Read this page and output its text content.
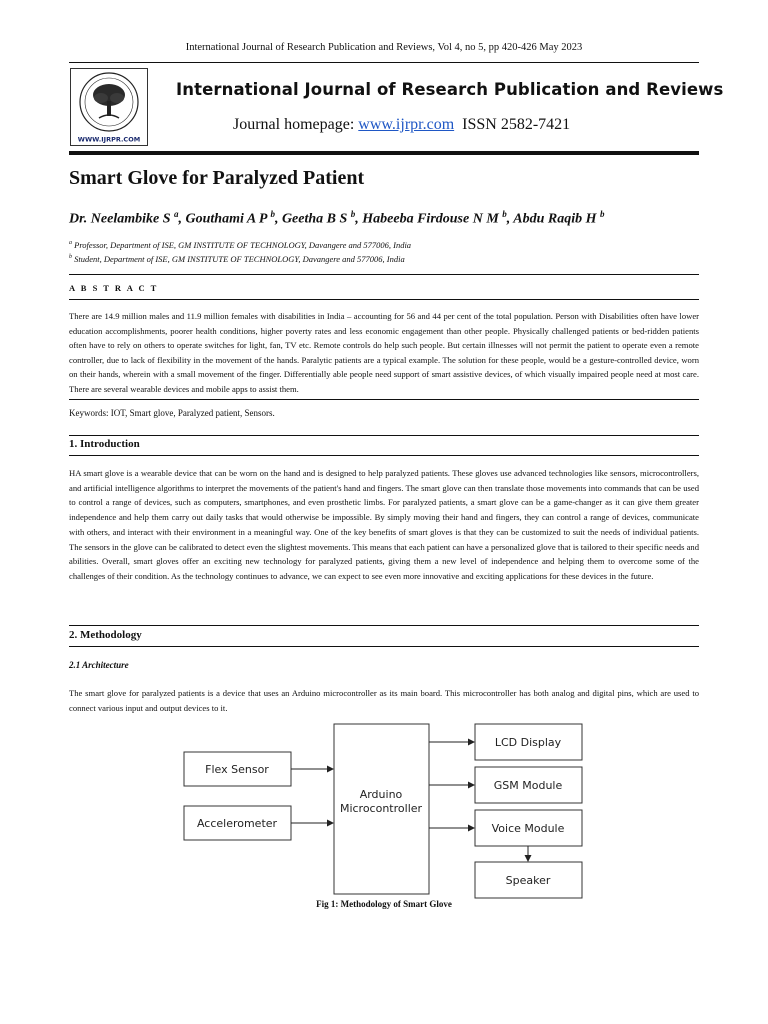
International Journal of Research Publication and Reviews, Vol 4, no 5, pp 420-426 May 2023
WWW.IJRPR.COM
International Journal of Research Publication and Reviews
Journal homepage: www.ijrpr.com ISSN 2582-7421
Smart Glove for Paralyzed Patient
Dr. Neelambike S $^a$, Gouthami A P $^b$, Geetha B S $^b$, Habeeba Firdouse N M $^b$, Abdu Raqib H $^b$
$^a$ Professor, Department of ISE, GM INSTITUTE OF TECHNOLOGY, Davangere and 577006, India
$^b$ Student, Department of ISE, GM INSTITUTE OF TECHNOLOGY, Davangere and 577006, India
A B S T R A C T
There are 14.9 million males and 11.9 million females with disabilities in India – accounting for 56 and 44 per cent of the total population. Person with Disabilities often have lower education accomplishments, poorer health conditions, higher poverty rates and less economic engagement than other people. Physically challenged patients or bed-ridden patients often have to rely on others to operate switches for light, fan, TV etc. Remote controls do help such people. But certain illnesses will not permit the patient to operate even a remote controller, due to lack of flexibility in the movement of the hands. Paralytic patients are a typical example. The solution for these people, would be a gesture-controlled device, worn on their hands, wherein with a small movement of the finger. Differentially able people need support of smart assistive devices, of which visually impaired people need at most care. There are several wearable devices and mobile apps to assist them.
Keywords: IOT, Smart glove, Paralyzed patient, Sensors.
1. Introduction
HA smart glove is a wearable device that can be worn on the hand and is designed to help paralyzed patients. These gloves use advanced technologies like sensors, microcontrollers, and artificial intelligence algorithms to interpret the movements of the patient's hand and fingers. The smart glove can then translate those movements into commands that can be used to control a range of devices, such as computers, smartphones, and even prosthetic limbs. For paralyzed patients, a smart glove can be a game-changer as it can give them greater independence and help them carry out daily tasks that would otherwise be impossible. By simply moving their hand and fingers, they can control a range of devices, communicate with others, and interact with their environment in a meaningful way. One of the key benefits of smart gloves is that they can be customized to suit the needs of individual patients. The sensors in the glove can be calibrated to detect even the slightest movements. This means that each patient can have a personalized glove that is tailored to their specific needs and abilities. Overall, smart gloves offer an exciting new technology for paralyzed patients, giving them a new level of independence and helping them to overcome some of the challenges of their condition. As the technology continues to advance, we can expect to see even more innovative and exciting applications for these devices in the future.
2. Methodology
2.1 Architecture
The smart glove for paralyzed patients is a device that uses an Arduino microcontroller as its main board. This microcontroller has both analog and digital pins, which are used to connect various input and output devices to it.
Flex Sensor
Accelerometer
Arduino
Microcontroller
LCD Display
GSM Module
Voice Module
Speaker
Fig 1: Methodology of Smart Glove
